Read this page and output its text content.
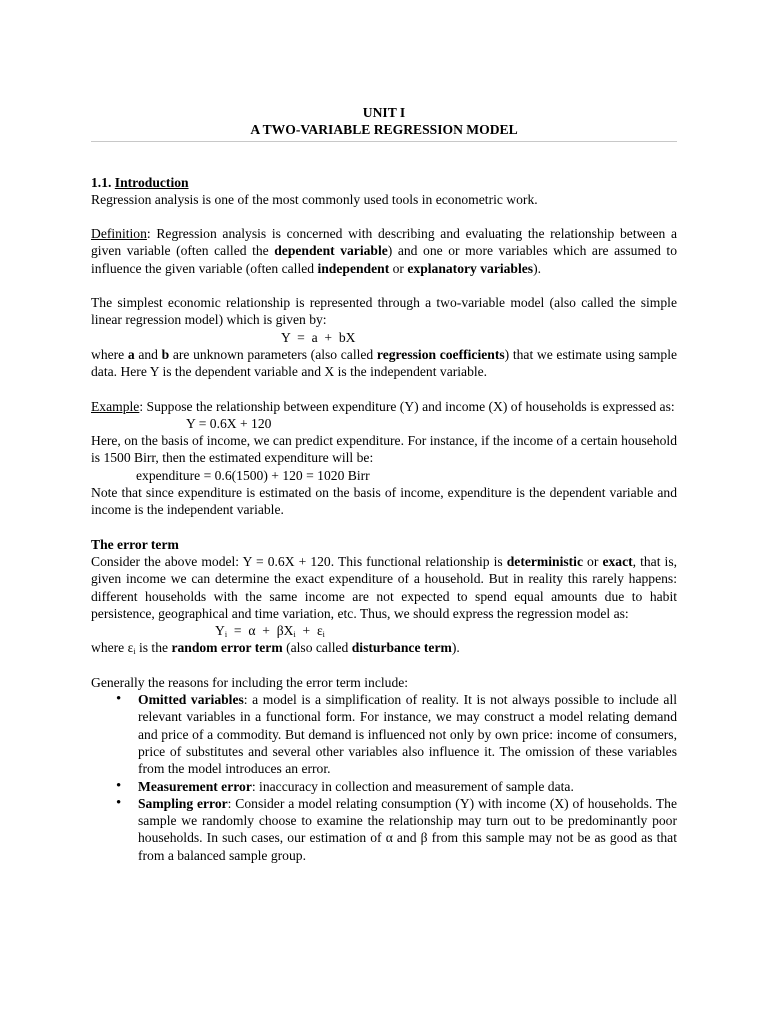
UNIT I
A TWO-VARIABLE REGRESSION MODEL
1.1. Introduction

Regression analysis is one of the most commonly used tools in econometric work.

Definition: Regression analysis is concerned with describing and evaluating the relationship between a given variable (often called the dependent variable) and one or more variables which are assumed to influence the given variable (often called independent or explanatory variables).

The simplest economic relationship is represented through a two-variable model (also called the simple linear regression model) which is given by:

Y  =  a  +  bX

where a and b are unknown parameters (also called regression coefficients) that we estimate using sample data. Here Y is the dependent variable and X is the independent variable.

Example: Suppose the relationship between expenditure (Y) and income (X) of households is expressed as:

Y = 0.6X + 120

Here, on the basis of income, we can predict expenditure. For instance, if the income of a certain household is 1500 Birr, then the estimated expenditure will be:

expenditure = 0.6(1500) + 120 = 1020 Birr

Note that since expenditure is estimated on the basis of income, expenditure is the dependent variable and income is the independent variable.

The error term

Consider the above model: Y = 0.6X + 120. This functional relationship is deterministic or exact, that is, given income we can determine the exact expenditure of a household. But in reality this rarely happens: different households with the same income are not expected to spend equal amounts due to habit persistence, geographical and time variation, etc. Thus, we should express the regression model as:

$Y_i = \alpha + \beta X_i + \varepsilon_i$

where $\varepsilon_i$ is the random error term (also called disturbance term).

Generally the reasons for including the error term include:

• Omitted variables: a model is a simplification of reality. It is not always possible to include all relevant variables in a functional form. For instance, we may construct a model relating demand and price of a commodity. But demand is influenced not only by own price: income of consumers, price of substitutes and several other variables also influence it. The omission of these variables from the model introduces an error.
• Measurement error: inaccuracy in collection and measurement of sample data.
• Sampling error: Consider a model relating consumption (Y) with income (X) of households. The sample we randomly choose to examine the relationship may turn out to be predominantly poor households. In such cases, our estimation of α and β from this sample may not be as good as that from a balanced sample group.
